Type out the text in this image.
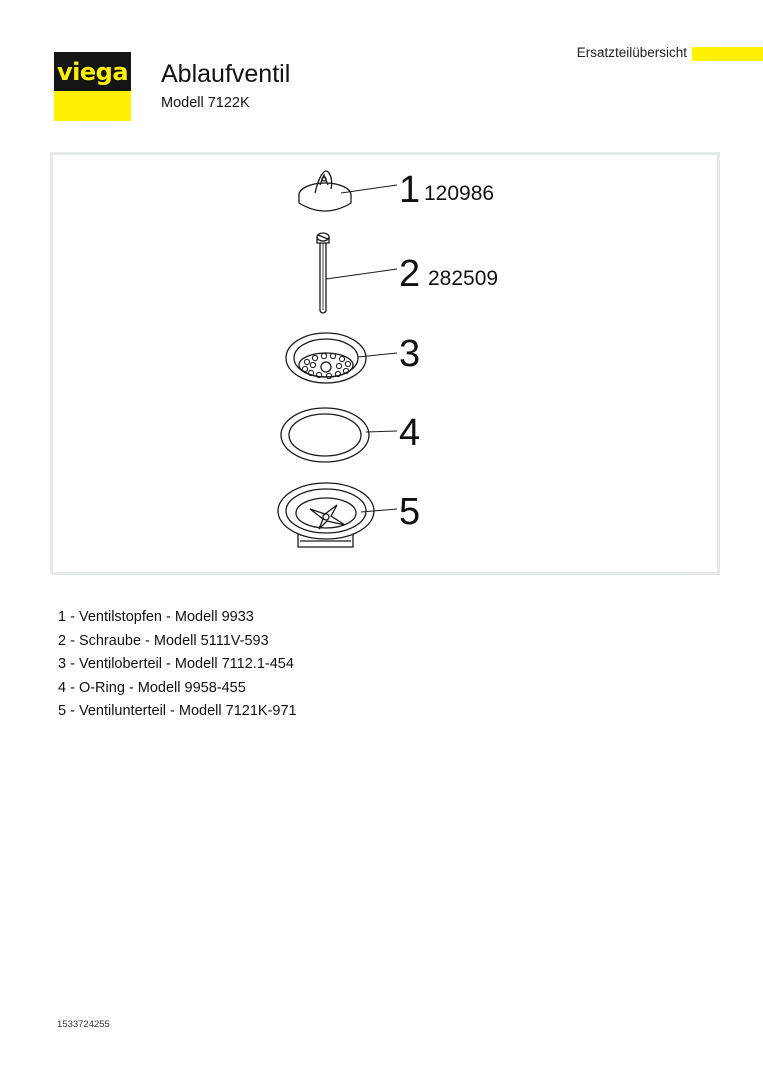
viega
Ersatzteilübersicht
Ablaufventil
Modell 7122K
1 120986
2 282509
3
4
5
1 - Ventilstopfen - Modell 9933
2 - Schraube - Modell 5111V-593
3 - Ventiloberteil - Modell 7112.1-454
4 - O-Ring - Modell 9958-455
5 - Ventilunterteil - Modell 7121K-971
1533724255
